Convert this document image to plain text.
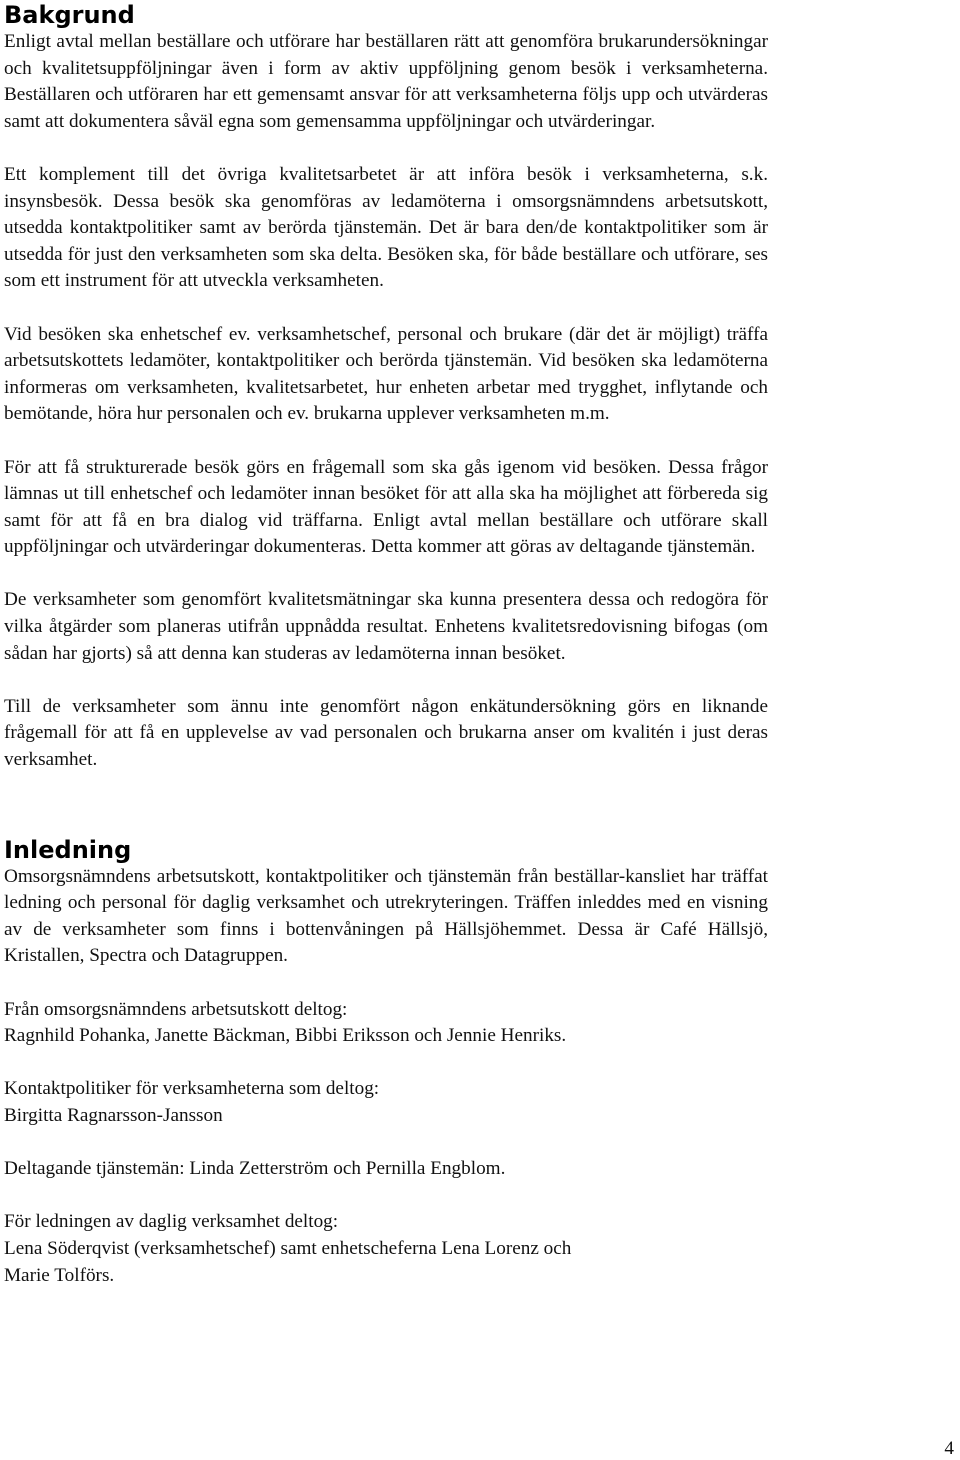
Bakgrund

Enligt avtal mellan beställare och utförare har beställaren rätt att genomföra brukarundersökningar och kvalitetsuppföljningar även i form av aktiv uppföljning genom besök i verksamheterna. Beställaren och utföraren har ett gemensamt ansvar för att verksamheterna följs upp och utvärderas samt att dokumentera såväl egna som gemensamma uppföljningar och utvärderingar.

Ett komplement till det övriga kvalitetsarbetet är att införa besök i verksamheterna, s.k. insynsbesök. Dessa besök ska genomföras av ledamöterna i omsorgsnämndens arbetsutskott, utsedda kontaktpolitiker samt av berörda tjänstemän. Det är bara den/de kontaktpolitiker som är utsedda för just den verksamheten som ska delta. Besöken ska, för både beställare och utförare, ses som ett instrument för att utveckla verksamheten.

Vid besöken ska enhetschef ev. verksamhetschef, personal och brukare (där det är möjligt) träffa arbetsutskottets ledamöter, kontaktpolitiker och berörda tjänstemän. Vid besöken ska ledamöterna informeras om verksamheten, kvalitetsarbetet, hur enheten arbetar med trygghet, inflytande och bemötande, höra hur personalen och ev. brukarna upplever verksamheten m.m.

För att få strukturerade besök görs en frågemall som ska gås igenom vid besöken. Dessa frågor lämnas ut till enhetschef och ledamöter innan besöket för att alla ska ha möjlighet att förbereda sig samt för att få en bra dialog vid träffarna. Enligt avtal mellan beställare och utförare skall uppföljningar och utvärderingar dokumenteras. Detta kommer att göras av deltagande tjänstemän.

De verksamheter som genomfört kvalitetsmätningar ska kunna presentera dessa och redogöra för vilka åtgärder som planeras utifrån uppnådda resultat. Enhetens kvalitetsredovisning bifogas (om sådan har gjorts) så att denna kan studeras av ledamöterna innan besöket.

Till de verksamheter som ännu inte genomfört någon enkätundersökning görs en liknande frågemall för att få en upplevelse av vad personalen och brukarna anser om kvalitén i just deras verksamhet.

Inledning

Omsorgsnämndens arbetsutskott, kontaktpolitiker och tjänstemän från beställar-kansliet har träffat ledning och personal för daglig verksamhet och utrekryteringen. Träffen inleddes med en visning av de verksamheter som finns i bottenvåningen på Hällsjöhemmet. Dessa är Café Hällsjö, Kristallen, Spectra och Datagruppen.

Från omsorgsnämndens arbetsutskott deltog:
Ragnhild Pohanka, Janette Bäckman, Bibbi Eriksson och Jennie Henriks.

Kontaktpolitiker för verksamheterna som deltog:
Birgitta Ragnarsson-Jansson

Deltagande tjänstemän: Linda Zetterström och Pernilla Engblom.

För ledningen av daglig verksamhet deltog:
Lena Söderqvist (verksamhetschef) samt enhetscheferna Lena Lorenz och
Marie Tolförs.

4
